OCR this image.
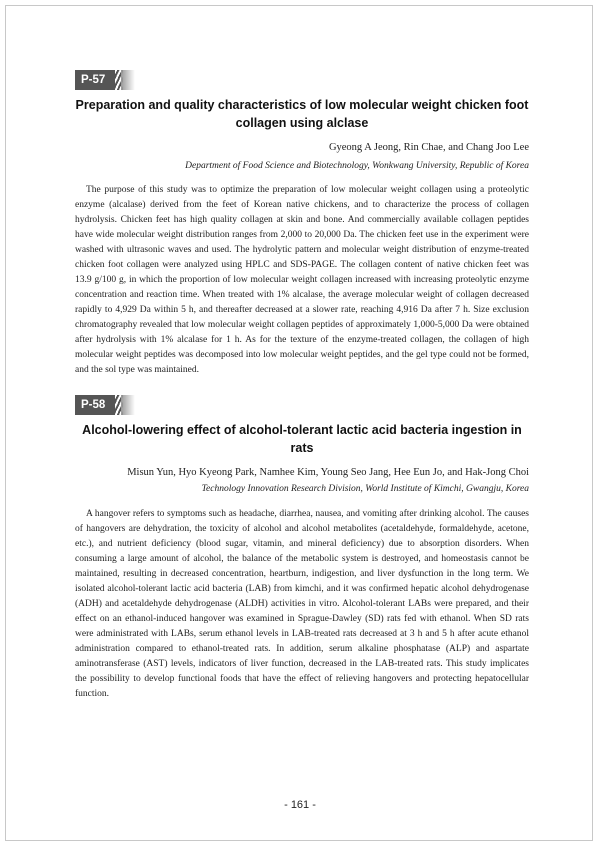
P-57
Preparation and quality characteristics of low molecular weight chicken foot collagen using alclase
Gyeong A Jeong, Rin Chae, and Chang Joo Lee
Department of Food Science and Biotechnology, Wonkwang University, Republic of Korea
The purpose of this study was to optimize the preparation of low molecular weight collagen using a proteolytic enzyme (alcalase) derived from the feet of Korean native chickens, and to characterize the process of collagen hydrolysis. Chicken feet has high quality collagen at skin and bone. And commercially available collagen peptides have wide molecular weight distribution ranges from 2,000 to 20,000 Da. The chicken feet use in the experiment were washed with ultrasonic waves and used. The hydrolytic pattern and molecular weight distribution of enzyme-treated chicken foot collagen were analyzed using HPLC and SDS-PAGE. The collagen content of native chicken feet was 13.9 g/100 g, in which the proportion of low molecular weight collagen increased with increasing proteolytic enzyme concentration and reaction time. When treated with 1% alcalase, the average molecular weight of collagen decreased rapidly to 4,929 Da within 5 h, and thereafter decreased at a slower rate, reaching 4,916 Da after 7 h. Size exclusion chromatography revealed that low molecular weight collagen peptides of approximately 1,000-5,000 Da were obtained after hydrolysis with 1% alcalase for 1 h. As for the texture of the enzyme-treated collagen, the collagen of high molecular weight peptides was decomposed into low molecular weight peptides, and the gel type could not be formed, and the sol type was maintained.
P-58
Alcohol-lowering effect of alcohol-tolerant lactic acid bacteria ingestion in rats
Misun Yun, Hyo Kyeong Park, Namhee Kim, Young Seo Jang, Hee Eun Jo, and Hak-Jong Choi
Technology Innovation Research Division, World Institute of Kimchi, Gwangju, Korea
A hangover refers to symptoms such as headache, diarrhea, nausea, and vomiting after drinking alcohol. The causes of hangovers are dehydration, the toxicity of alcohol and alcohol metabolites (acetaldehyde, formaldehyde, acetone, etc.), and nutrient deficiency (blood sugar, vitamin, and mineral deficiency) due to absorption disorders. When consuming a large amount of alcohol, the balance of the metabolic system is destroyed, and homeostasis cannot be maintained, resulting in decreased concentration, heartburn, indigestion, and liver dysfunction in the long term. We isolated alcohol-tolerant lactic acid bacteria (LAB) from kimchi, and it was confirmed hepatic alcohol dehydrogenase (ADH) and acetaldehyde dehydrogenase (ALDH) activities in vitro. Alcohol-tolerant LABs were prepared, and their effect on an ethanol-induced hangover was examined in Sprague-Dawley (SD) rats fed with ethanol. When SD rats were administrated with LABs, serum ethanol levels in LAB-treated rats decreased at 3 h and 5 h after acute ethanol administration compared to ethanol-treated rats. In addition, serum alkaline phosphatase (ALP) and aspartate aminotransferase (AST) levels, indicators of liver function, decreased in the LAB-treated rats. This study implicates the possibility to develop functional foods that have the effect of relieving hangovers and protecting hepatocellular function.
- 161 -
